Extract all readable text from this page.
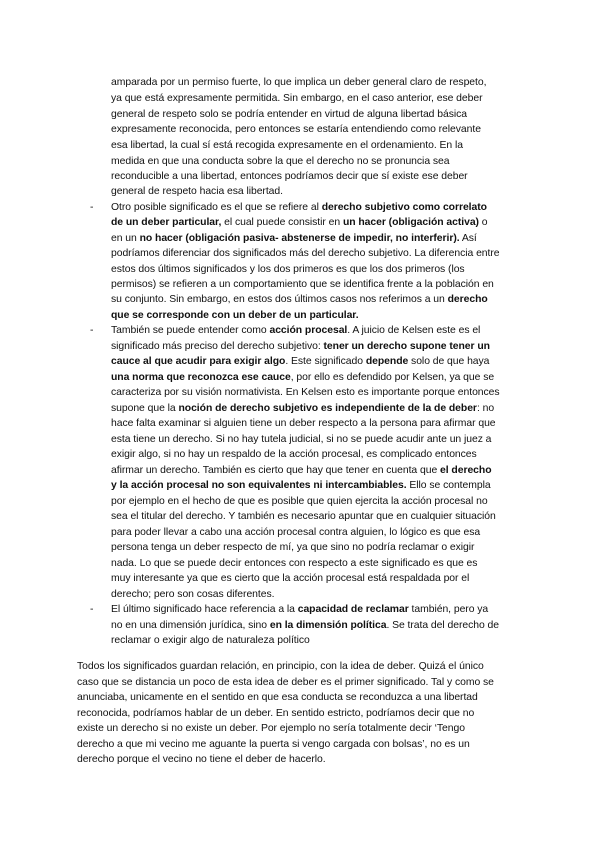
amparada por un permiso fuerte, lo que implica un deber general claro de respeto,
ya que está expresamente permitida. Sin embargo, en el caso anterior, ese deber
general de respeto solo se podría entender en virtud de alguna libertad básica
expresamente reconocida, pero entonces se estaría entendiendo como relevante
esa libertad, la cual sí está recogida expresamente en el ordenamiento. En la
medida en que una conducta sobre la que el derecho no se pronuncia sea
reconducible a una libertad, entonces podríamos decir que sí existe ese deber
general de respeto hacia esa libertad.
Otro posible significado es el que se refiere al derecho subjetivo como correlato
de un deber particular, el cual puede consistir en un hacer (obligación activa) o
en un no hacer (obligación pasiva- abstenerse de impedir, no interferir). Así
podríamos diferenciar dos significados más del derecho subjetivo. La diferencia entre
estos dos últimos significados y los dos primeros es que los dos primeros (los
permisos) se refieren a un comportamiento que se identifica frente a la población en
su conjunto. Sin embargo, en estos dos últimos casos nos referimos a un derecho
que se corresponde con un deber de un particular.
También se puede entender como acción procesal. A juicio de Kelsen este es el
significado más preciso del derecho subjetivo: tener un derecho supone tener un
cauce al que acudir para exigir algo. Este significado depende solo de que haya
una norma que reconozca ese cauce, por ello es defendido por Kelsen, ya que se
caracteriza por su visión normativista. En Kelsen esto es importante porque entonces
supone que la noción de derecho subjetivo es independiente de la de deber: no
hace falta examinar si alguien tiene un deber respecto a la persona para afirmar que
esta tiene un derecho. Si no hay tutela judicial, si no se puede acudir ante un juez a
exigir algo, si no hay un respaldo de la acción procesal, es complicado entonces
afirmar un derecho. También es cierto que hay que tener en cuenta que el derecho
y la acción procesal no son equivalentes ni intercambiables. Ello se contempla
por ejemplo en el hecho de que es posible que quien ejercita la acción procesal no
sea el titular del derecho. Y también es necesario apuntar que en cualquier situación
para poder llevar a cabo una acción procesal contra alguien, lo lógico es que esa
persona tenga un deber respecto de mí, ya que sino no podría reclamar o exigir
nada. Lo que se puede decir entonces con respecto a este significado es que es
muy interesante ya que es cierto que la acción procesal está respaldada por el
derecho; pero son cosas diferentes.
El último significado hace referencia a la capacidad de reclamar también, pero ya
no en una dimensión jurídica, sino en la dimensión política. Se trata del derecho de
reclamar o exigir algo de naturaleza político
Todos los significados guardan relación, en principio, con la idea de deber. Quizá el único
caso que se distancia un poco de esta idea de deber es el primer significado. Tal y como se
anunciaba, unicamente en el sentido en que esa conducta se reconduzca a una libertad
reconocida, podríamos hablar de un deber. En sentido estricto, podríamos decir que no
existe un derecho si no existe un deber. Por ejemplo no sería totalmente decir ‘Tengo
derecho a que mi vecino me aguante la puerta si vengo cargada con bolsas’, no es un
derecho porque el vecino no tiene el deber de hacerlo.
-
-
-
